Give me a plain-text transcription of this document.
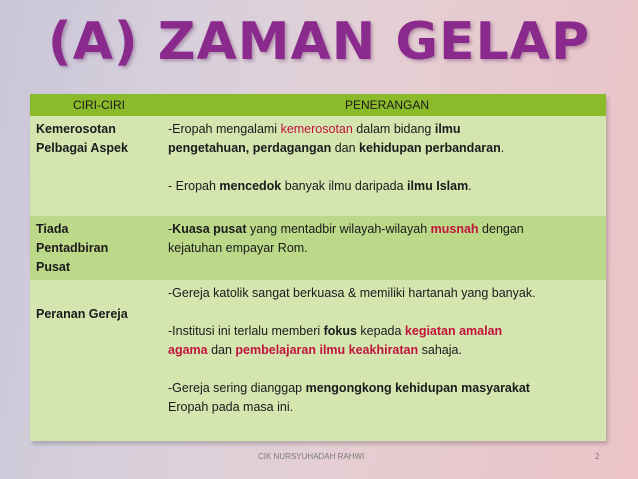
(A) ZAMAN GELAP
CIRI-CIRI	PENERANGAN
Kemerosotan
Pelbagai Aspek
-Eropah mengalami kemerosotan dalam bidang ilmu
pengetahuan, perdagangan dan kehidupan perbandaran.
- Eropah mencedok banyak ilmu daripada ilmu Islam.
Tiada
Pentadbiran
Pusat
-Kuasa pusat yang mentadbir wilayah-wilayah musnah dengan
kejatuhan empayar Rom.
Peranan Gereja
-Gereja katolik sangat berkuasa & memiliki hartanah yang banyak.
-Institusi ini terlalu memberi fokus kepada kegiatan amalan
agama dan pembelajaran ilmu keakhiratan sahaja.
-Gereja sering dianggap mengongkong kehidupan masyarakat
Eropah pada masa ini.
CIK NURSYUHADAH RAHWI	2
